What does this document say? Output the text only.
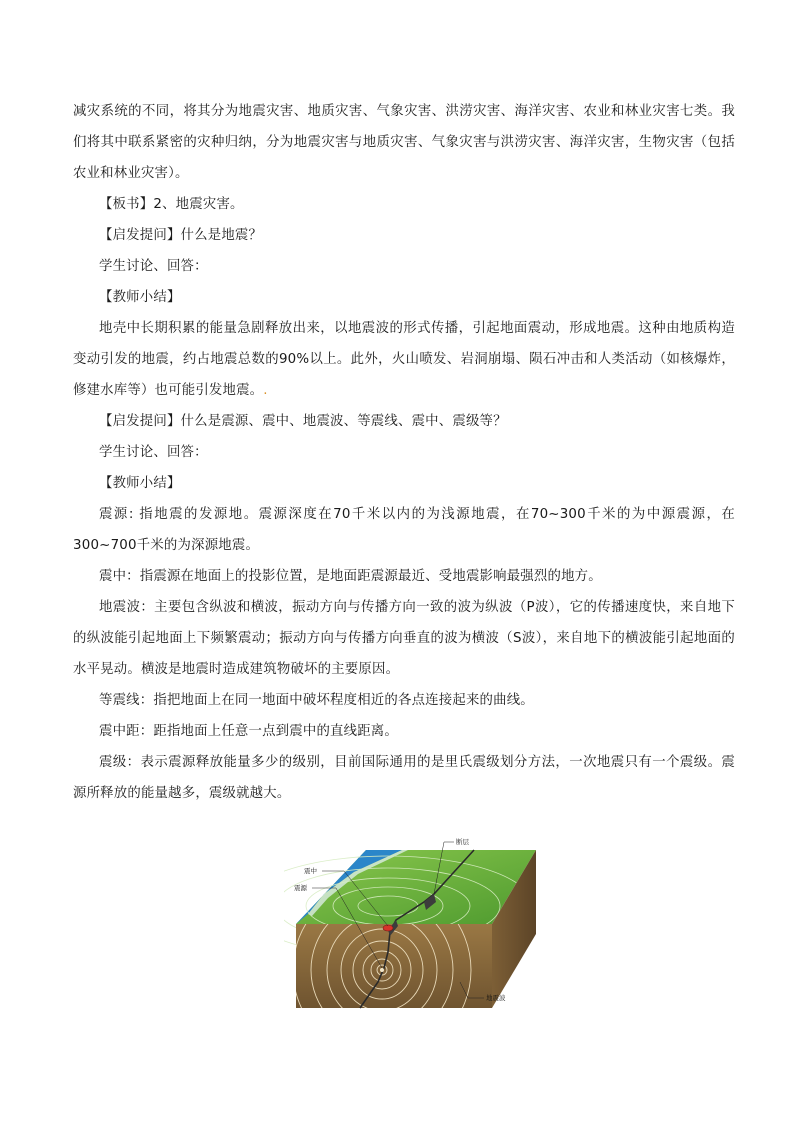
减灾系统的不同，将其分为地震灾害、地质灾害、气象灾害、洪涝灾害、海洋灾害、农业和林业灾害七类。我们将其中联系紧密的灾种归纳，分为地震灾害与地质灾害、气象灾害与洪涝灾害、海洋灾害，生物灾害（包括农业和林业灾害）。

【板书】2、地震灾害。

【启发提问】什么是地震？

学生讨论、回答：

【教师小结】

地壳中长期积累的能量急剧释放出来，以地震波的形式传播，引起地面震动，形成地震。这种由地质构造变动引发的地震，约占地震总数的90%以上。此外，火山喷发、岩洞崩塌、陨石冲击和人类活动（如核爆炸，修建水库等）也可能引发地震。.

【启发提问】什么是震源、震中、地震波、等震线、震中、震级等？

学生讨论、回答：

【教师小结】

震源: 指地震的发源地。震源深度在70千米以内的为浅源地震，在70~300千米的为中源震源，在300~700千米的为深源地震。

震中：指震源在地面上的投影位置，是地面距震源最近、受地震影响最强烈的地方。

地震波：主要包含纵波和横波，振动方向与传播方向一致的波为纵波（P波），它的传播速度快，来自地下的纵波能引起地面上下频繁震动；振动方向与传播方向垂直的波为横波（S波），来自地下的横波能引起地面的水平晃动。横波是地震时造成建筑物破坏的主要原因。

等震线：指把地面上在同一地面中破坏程度相近的各点连接起来的曲线。

震中距：距指地面上任意一点到震中的直线距离。

震级：表示震源释放能量多少的级别，目前国际通用的是里氏震级划分方法，一次地震只有一个震级。震源所释放的能量越多，震级就越大。

震中
震源
断层
地震波
